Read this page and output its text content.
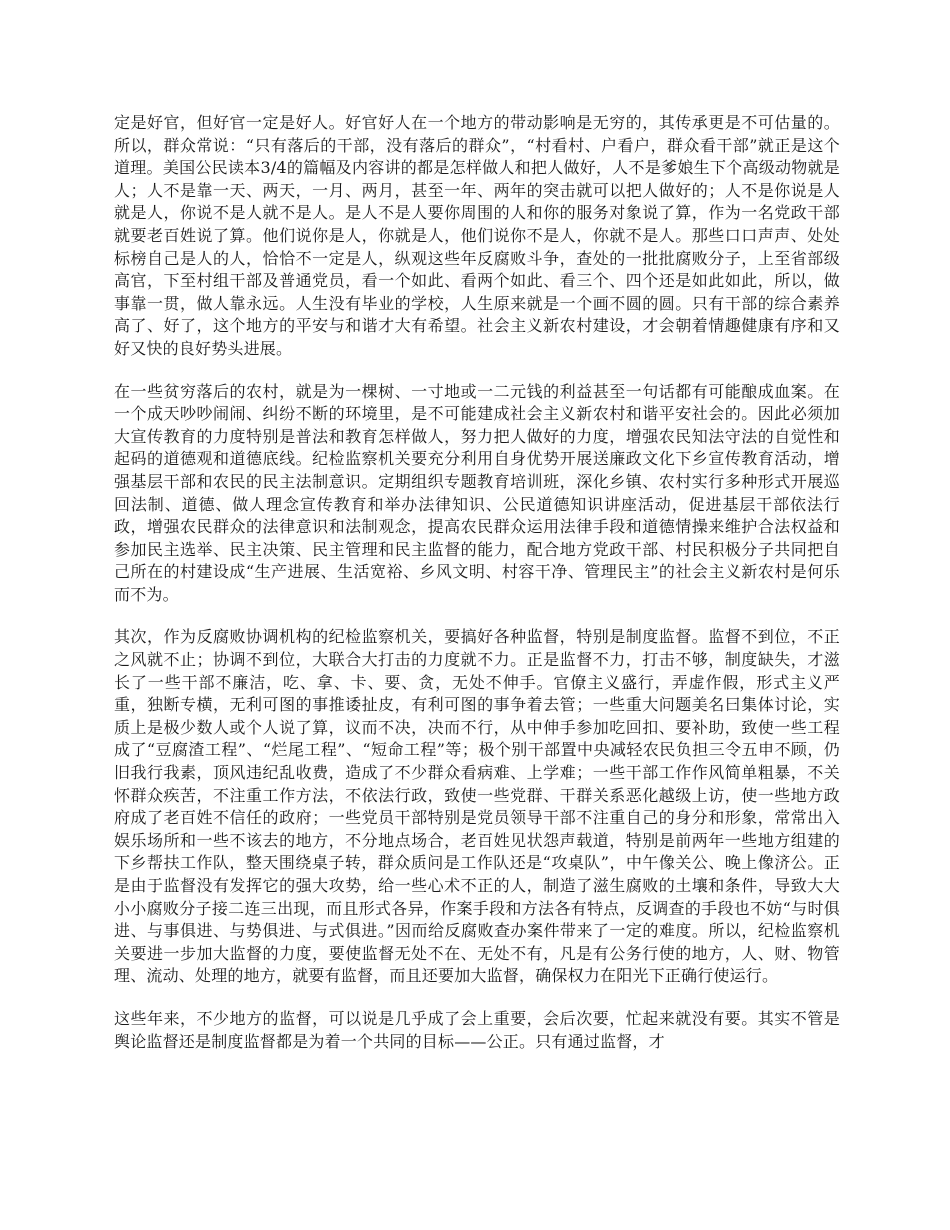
定是好官，但好官一定是好人。好官好人在一个地方的带动影响是无穷的，其传承更是不可估量的。所以，群众常说：“只有落后的干部，没有落后的群众”，“村看村、户看户，群众看干部”就正是这个道理。美国公民读本3/4的篇幅及内容讲的都是怎样做人和把人做好，人不是爹娘生下个高级动物就是人；人不是靠一天、两天，一月、两月，甚至一年、两年的突击就可以把人做好的；人不是你说是人就是人，你说不是人就不是人。是人不是人要你周围的人和你的服务对象说了算，作为一名党政干部就要老百姓说了算。他们说你是人，你就是人，他们说你不是人，你就不是人。那些口口声声、处处标榜自己是人的人，恰恰不一定是人，纵观这些年反腐败斗争，查处的一批批腐败分子，上至省部级高官，下至村组干部及普通党员，看一个如此、看两个如此、看三个、四个还是如此如此，所以，做事靠一贯，做人靠永远。人生没有毕业的学校，人生原来就是一个画不圆的圆。只有干部的综合素养高了、好了，这个地方的平安与和谐才大有希望。社会主义新农村建设，才会朝着情趣健康有序和又好又快的良好势头进展。

在一些贫穷落后的农村，就是为一棵树、一寸地或一二元钱的利益甚至一句话都有可能酿成血案。在一个成天吵吵闹闹、纠纷不断的环境里，是不可能建成社会主义新农村和谐平安社会的。因此必须加大宣传教育的力度特别是普法和教育怎样做人，努力把人做好的力度，增强农民知法守法的自觉性和起码的道德观和道德底线。纪检监察机关要充分利用自身优势开展送廉政文化下乡宣传教育活动，增强基层干部和农民的民主法制意识。定期组织专题教育培训班，深化乡镇、农村实行多种形式开展巡回法制、道德、做人理念宣传教育和举办法律知识、公民道德知识讲座活动，促进基层干部依法行政，增强农民群众的法律意识和法制观念，提高农民群众运用法律手段和道德情操来维护合法权益和参加民主选举、民主决策、民主管理和民主监督的能力，配合地方党政干部、村民积极分子共同把自己所在的村建设成“生产进展、生活宽裕、乡风文明、村容干净、管理民主”的社会主义新农村是何乐而不为。

其次，作为反腐败协调机构的纪检监察机关，要搞好各种监督，特别是制度监督。监督不到位，不正之风就不止；协调不到位，大联合大打击的力度就不力。正是监督不力，打击不够，制度缺失，才滋长了一些干部不廉洁，吃、拿、卡、要、贪，无处不伸手。官僚主义盛行，弄虚作假，形式主义严重，独断专横，无利可图的事推诿扯皮，有利可图的事争着去管；一些重大问题美名曰集体讨论，实质上是极少数人或个人说了算，议而不决，决而不行，从中伸手参加吃回扣、要补助，致使一些工程成了“豆腐渣工程”、“烂尾工程”、“短命工程”等；极个别干部置中央减轻农民负担三令五申不顾，仍旧我行我素，顶风违纪乱收费，造成了不少群众看病难、上学难；一些干部工作作风简单粗暴，不关怀群众疾苦，不注重工作方法，不依法行政，致使一些党群、干群关系恶化越级上访，使一些地方政府成了老百姓不信任的政府；一些党员干部特别是党员领导干部不注重自己的身分和形象，常常出入娱乐场所和一些不该去的地方，不分地点场合，老百姓见状怨声载道，特别是前两年一些地方组建的下乡帮扶工作队，整天围绕桌子转，群众质问是工作队还是“攻桌队”，中午像关公、晚上像济公。正是由于监督没有发挥它的强大攻势，给一些心术不正的人，制造了滋生腐败的土壤和条件，导致大大小小腐败分子接二连三出现，而且形式各异，作案手段和方法各有特点，反调查的手段也不妨“与时俱进、与事俱进、与势俱进、与式俱进。”因而给反腐败查办案件带来了一定的难度。所以，纪检监察机关要进一步加大监督的力度，要使监督无处不在、无处不有，凡是有公务行使的地方，人、财、物管理、流动、处理的地方，就要有监督，而且还要加大监督，确保权力在阳光下正确行使运行。

这些年来，不少地方的监督，可以说是几乎成了会上重要，会后次要，忙起来就没有要。其实不管是舆论监督还是制度监督都是为着一个共同的目标——公正。只有通过监督，才
